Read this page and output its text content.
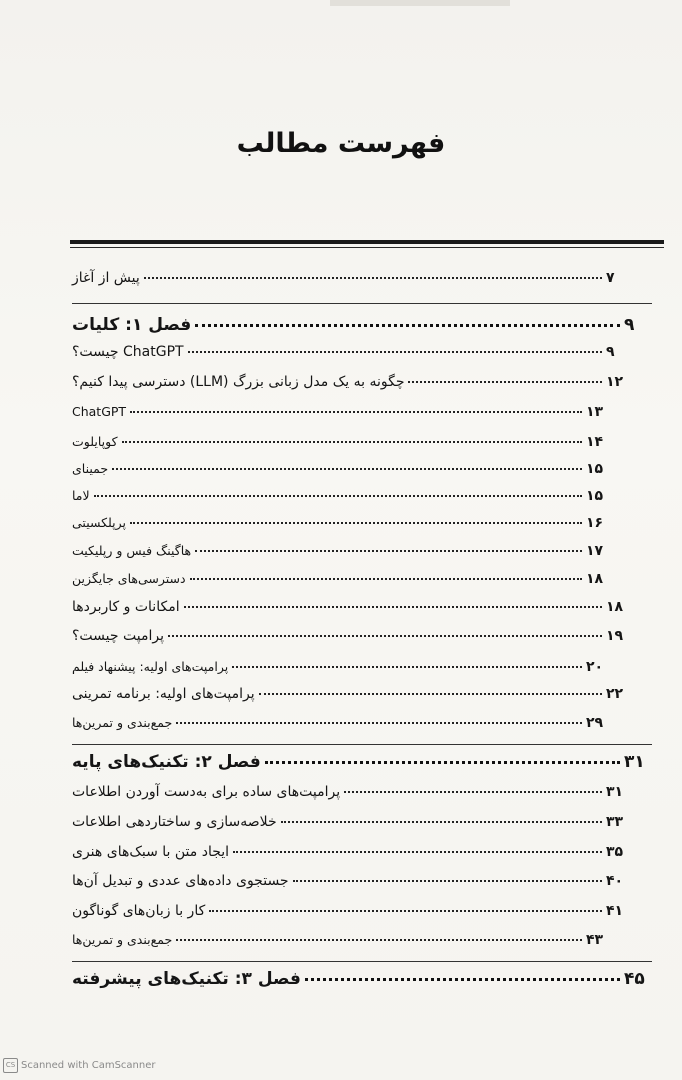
فهرست مطالب
پیش از آغاز	۷
فصل ۱: کلیات	۹
ChatGPT چیست؟	۹
چگونه به یک مدل زبانی بزرگ (LLM) دسترسی پیدا کنیم؟	۱۲
ChatGPT	۱۳
کوپایلوت	۱۴
جمینای	۱۵
لاما	۱۵
پرپلکسیتی	۱۶
هاگینگ فیس و رپلیکیت	۱۷
دسترسی‌های جایگزین	۱۸
امکانات و کاربردها	۱۸
پرامپت چیست؟	۱۹
پرامپت‌های اولیه: پیشنهاد فیلم	۲۰
پرامپت‌های اولیه: برنامه تمرینی	۲۲
جمع‌بندی و تمرین‌ها	۲۹
فصل ۲: تکنیک‌های پایه	۳۱
پرامپت‌های ساده برای به‌دست آوردن اطلاعات	۳۱
خلاصه‌سازی و ساختاردهی اطلاعات	۳۳
ایجاد متن با سبک‌های هنری	۳۵
جستجوی داده‌های عددی و تبدیل آن‌ها	۴۰
کار با زبان‌های گوناگون	۴۱
جمع‌بندی و تمرین‌ها	۴۳
فصل ۳: تکنیک‌های پیشرفته	۴۵
CS Scanned with CamScanner
